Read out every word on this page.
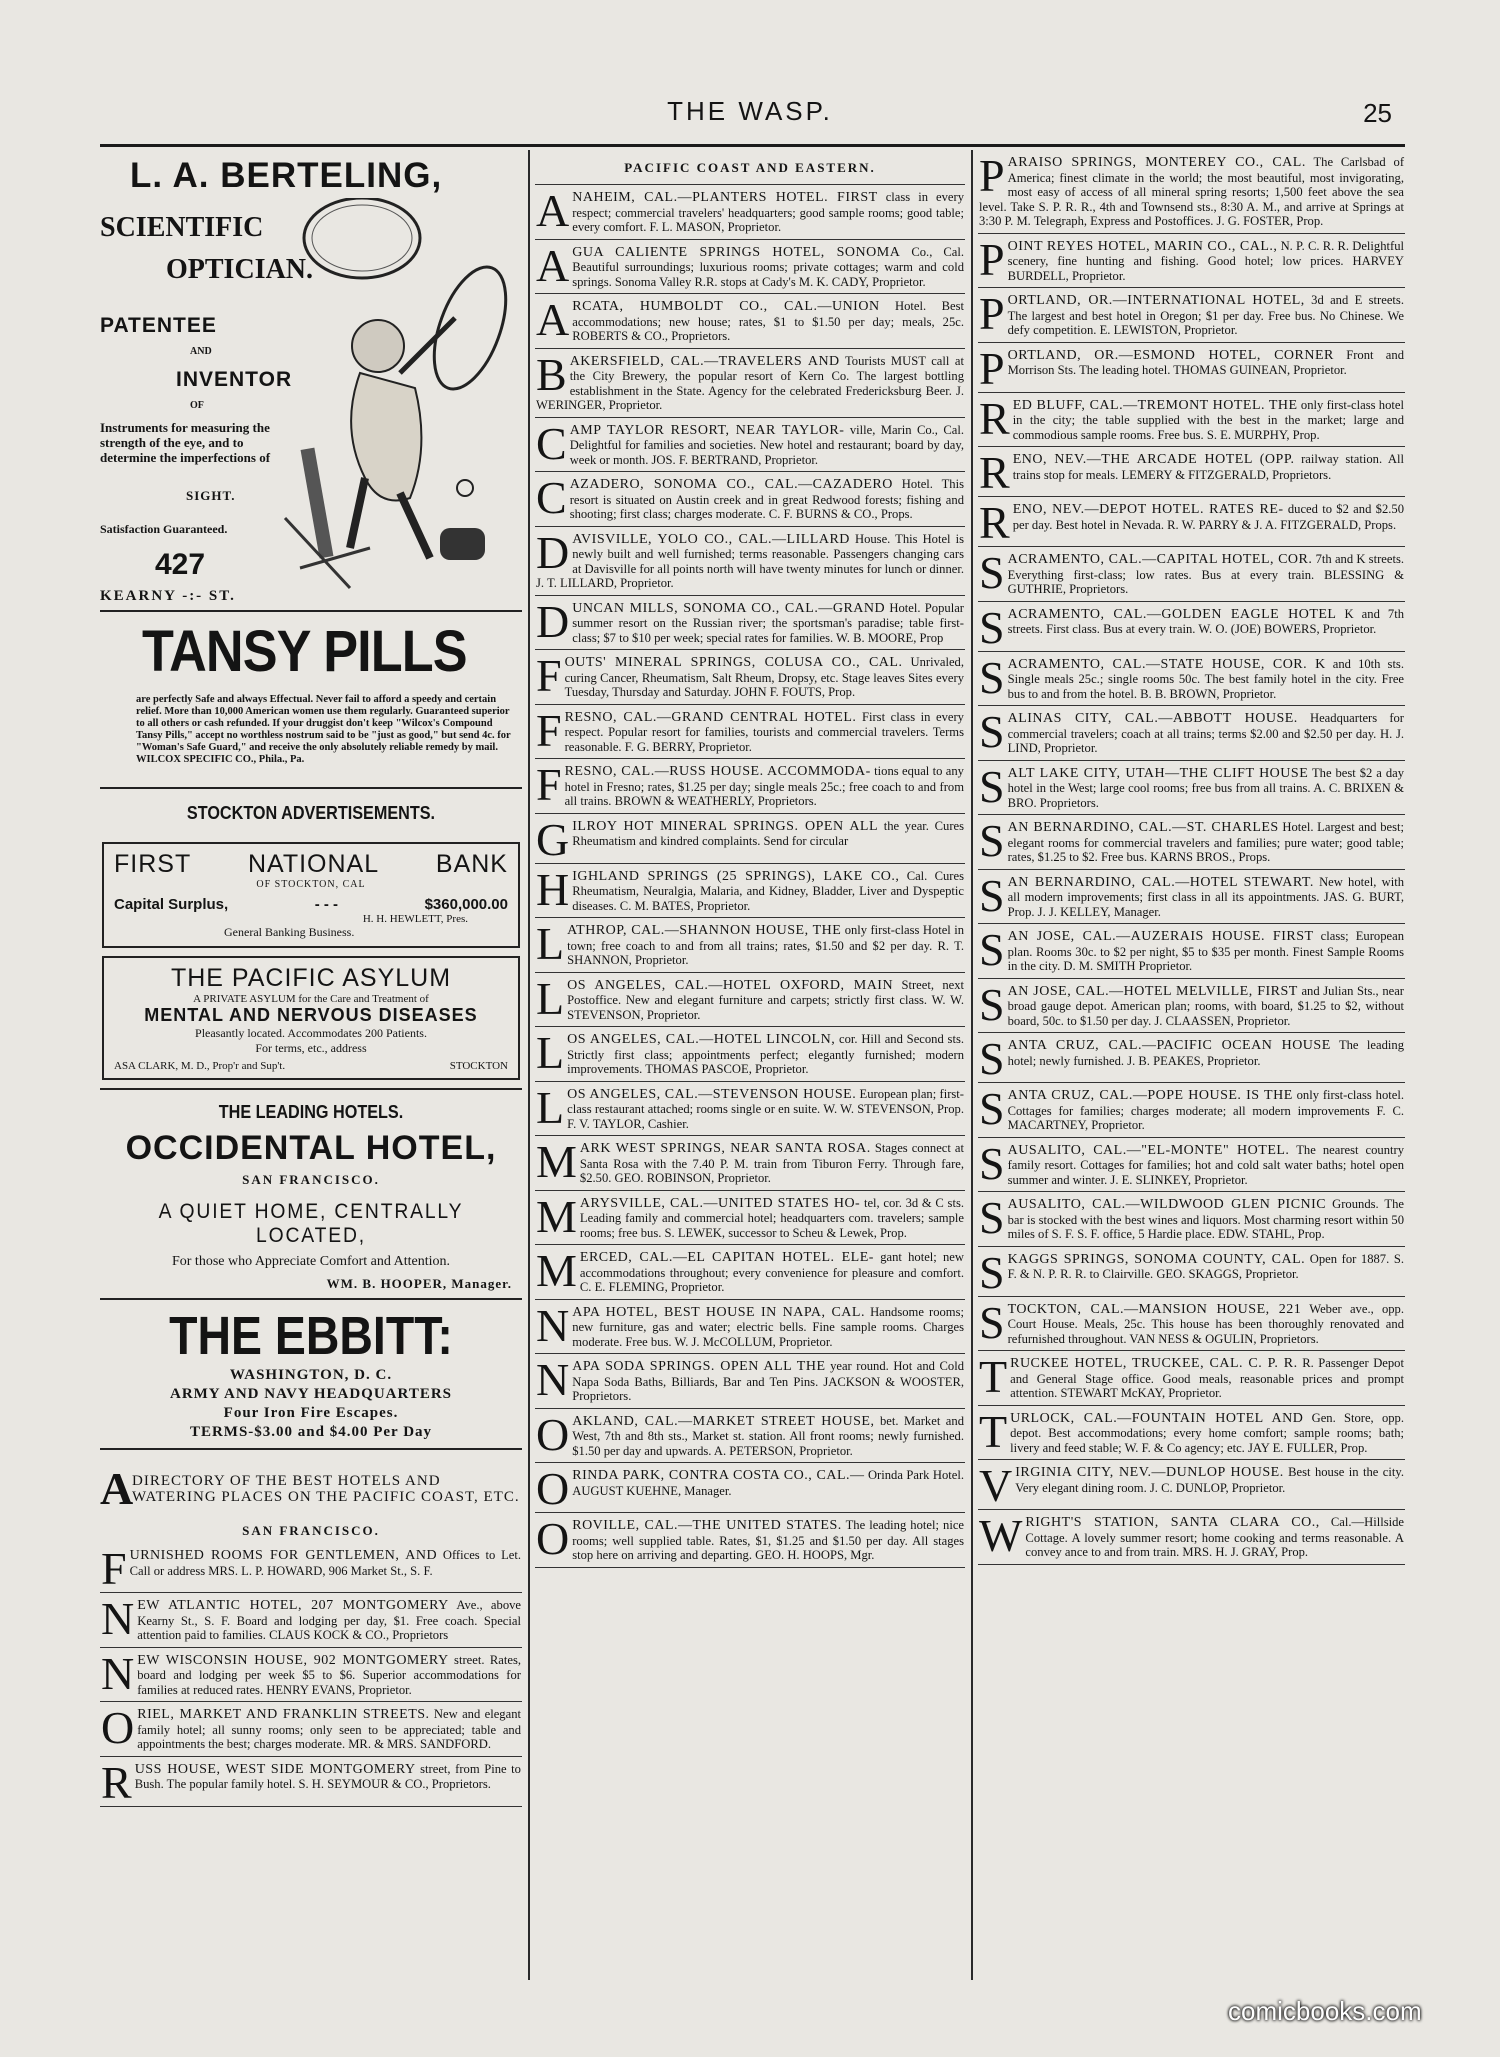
THE WASP.	25
L. A. BERTELING,
SCIENTIFIC
OPTICIAN.
PATENTEE
AND
INVENTOR
OF
Instruments for measuring the strength of the eye, and to determine the imperfections of
SIGHT.
Satisfaction Guaranteed.
427
KEARNY -:- ST.
TANSY PILLS
are perfectly Safe and always Effectual. Never fail to afford a speedy and certain relief. More than 10,000 American women use them regularly. Guaranteed superior to all others or cash refunded. If your druggist don't keep "Wilcox's Compound Tansy Pills," accept no worthless nostrum said to be "just as good," but send 4c. for "Woman's Safe Guard," and receive the only absolutely reliable remedy by mail. WILCOX SPECIFIC CO., Phila., Pa.
STOCKTON ADVERTISEMENTS.
FIRST NATIONAL BANK
OF STOCKTON, CAL
Capital Surplus,	- - -	$360,000.00
H. H. HEWLETT, Pres.
General Banking Business.
THE PACIFIC ASYLUM
A PRIVATE ASYLUM for the Care and Treatment of
MENTAL AND NERVOUS DISEASES
Pleasantly located. Accommodates 200 Patients.
For terms, etc., address
ASA CLARK, M. D., Prop'r and Sup't.	STOCKTON
THE LEADING HOTELS.
OCCIDENTAL HOTEL,
SAN FRANCISCO.
A QUIET HOME, CENTRALLY LOCATED,
For those who Appreciate Comfort and Attention.
WM. B. HOOPER, Manager.
THE EBBITT:
WASHINGTON, D. C.
ARMY AND NAVY HEADQUARTERS
Four Iron Fire Escapes.
TERMS-$3.00 and $4.00 Per Day
A
DIRECTORY OF THE BEST HOTELS AND WATERING PLACES ON THE PACIFIC COAST, ETC.
SAN FRANCISCO.
FURNISHED ROOMS FOR GENTLEMEN, AND Offices to Let. Call or address MRS. L. P. HOWARD, 906 Market St., S. F.
NEW ATLANTIC HOTEL, 207 MONTGOMERY Ave., above Kearny St., S. F. Board and lodging per day, $1. Free coach. Special attention paid to families. CLAUS KOCK & CO., Proprietors
NEW WISCONSIN HOUSE, 902 MONTGOMERY street. Rates, board and lodging per week $5 to $6. Superior accommodations for families at reduced rates. HENRY EVANS, Proprietor.
ORIEL, MARKET AND FRANKLIN STREETS. New and elegant family hotel; all sunny rooms; only seen to be appreciated; table and appointments the best; charges moderate. MR. & MRS. SANDFORD.
RUSS HOUSE, WEST SIDE MONTGOMERY street, from Pine to Bush. The popular family hotel. S. H. SEYMOUR & CO., Proprietors.
PACIFIC COAST AND EASTERN.
ANAHEIM, CAL.—PLANTERS HOTEL. FIRST class in every respect; commercial travelers' headquarters; good sample rooms; good table; every comfort. F. L. MASON, Proprietor.
AGUA CALIENTE SPRINGS HOTEL, SONOMA Co., Cal. Beautiful surroundings; luxurious rooms; private cottages; warm and cold springs. Sonoma Valley R.R. stops at Cady's M. K. CADY, Proprietor.
ARCATA, HUMBOLDT CO., CAL.—UNION Hotel. Best accommodations; new house; rates, $1 to $1.50 per day; meals, 25c. ROBERTS & CO., Proprietors.
BAKERSFIELD, CAL.—TRAVELERS AND Tourists MUST call at the City Brewery, the popular resort of Kern Co. The largest bottling establishment in the State. Agency for the celebrated Fredericksburg Beer. J. WERINGER, Proprietor.
CAMP TAYLOR RESORT, NEAR TAYLOR- ville, Marin Co., Cal. Delightful for families and societies. New hotel and restaurant; board by day, week or month. JOS. F. BERTRAND, Proprietor.
CAZADERO, SONOMA CO., CAL.—CAZADERO Hotel. This resort is situated on Austin creek and in great Redwood forests; fishing and shooting; first class; charges moderate. C. F. BURNS & CO., Props.
DAVISVILLE, YOLO CO., CAL.—LILLARD House. This Hotel is newly built and well furnished; terms reasonable. Passengers changing cars at Davisville for all points north will have twenty minutes for lunch or dinner. J. T. LILLARD, Proprietor.
DUNCAN MILLS, SONOMA CO., CAL.—GRAND Hotel. Popular summer resort on the Russian river; the sportsman's paradise; table first-class; $7 to $10 per week; special rates for families. W. B. MOORE, Prop
FOUTS' MINERAL SPRINGS, COLUSA CO., CAL. Unrivaled, curing Cancer, Rheumatism, Salt Rheum, Dropsy, etc. Stage leaves Sites every Tuesday, Thursday and Saturday. JOHN F. FOUTS, Prop.
FRESNO, CAL.—GRAND CENTRAL HOTEL. First class in every respect. Popular resort for families, tourists and commercial travelers. Terms reasonable. F. G. BERRY, Proprietor.
FRESNO, CAL.—RUSS HOUSE. ACCOMMODA- tions equal to any hotel in Fresno; rates, $1.25 per day; single meals 25c.; free coach to and from all trains. BROWN & WEATHERLY, Proprietors.
GILROY HOT MINERAL SPRINGS. OPEN ALL the year. Cures Rheumatism and kindred complaints. Send for circular
HIGHLAND SPRINGS (25 SPRINGS), LAKE CO., Cal. Cures Rheumatism, Neuralgia, Malaria, and Kidney, Bladder, Liver and Dyspeptic diseases. C. M. BATES, Proprietor.
LATHROP, CAL.—SHANNON HOUSE, THE only first-class Hotel in town; free coach to and from all trains; rates, $1.50 and $2 per day. R. T. SHANNON, Proprietor.
LOS ANGELES, CAL.—HOTEL OXFORD, MAIN Street, next Postoffice. New and elegant furniture and carpets; strictly first class. W. W. STEVENSON, Proprietor.
LOS ANGELES, CAL.—HOTEL LINCOLN, cor. Hill and Second sts. Strictly first class; appointments perfect; elegantly furnished; modern improvements. THOMAS PASCOE, Proprietor.
LOS ANGELES, CAL.—STEVENSON HOUSE. European plan; first-class restaurant attached; rooms single or en suite. W. W. STEVENSON, Prop. F. V. TAYLOR, Cashier.
MARK WEST SPRINGS, NEAR SANTA ROSA. Stages connect at Santa Rosa with the 7.40 P. M. train from Tiburon Ferry. Through fare, $2.50. GEO. ROBINSON, Proprietor.
MARYSVILLE, CAL.—UNITED STATES HO- tel, cor. 3d & C sts. Leading family and commercial hotel; headquarters com. travelers; sample rooms; free bus. S. LEWEK, successor to Scheu & Lewek, Prop.
MERCED, CAL.—EL CAPITAN HOTEL. ELE- gant hotel; new accommodations throughout; every convenience for pleasure and comfort. C. E. FLEMING, Proprietor.
NAPA HOTEL, BEST HOUSE IN NAPA, CAL. Handsome rooms; new furniture, gas and water; electric bells. Fine sample rooms. Charges moderate. Free bus. W. J. McCOLLUM, Proprietor.
NAPA SODA SPRINGS. OPEN ALL THE year round. Hot and Cold Napa Soda Baths, Billiards, Bar and Ten Pins. JACKSON & WOOSTER, Proprietors.
OAKLAND, CAL.—MARKET STREET HOUSE, bet. Market and West, 7th and 8th sts., Market st. station. All front rooms; newly furnished. $1.50 per day and upwards. A. PETERSON, Proprietor.
ORINDA PARK, CONTRA COSTA CO., CAL.— Orinda Park Hotel. AUGUST KUEHNE, Manager.
OROVILLE, CAL.—THE UNITED STATES. The leading hotel; nice rooms; well supplied table. Rates, $1, $1.25 and $1.50 per day. All stages stop here on arriving and departing. GEO. H. HOOPS, Mgr.
PARAISO SPRINGS, MONTEREY CO., CAL. The Carlsbad of America; finest climate in the world; the most beautiful, most invigorating, most easy of access of all mineral spring resorts; 1,500 feet above the sea level. Take S. P. R. R., 4th and Townsend sts., 8:30 A. M., and arrive at Springs at 3:30 P. M. Telegraph, Express and Postoffices. J. G. FOSTER, Prop.
POINT REYES HOTEL, MARIN CO., CAL., N. P. C. R. R. Delightful scenery, fine hunting and fishing. Good hotel; low prices. HARVEY BURDELL, Proprietor.
PORTLAND, OR.—INTERNATIONAL HOTEL, 3d and E streets. The largest and best hotel in Oregon; $1 per day. Free bus. No Chinese. We defy competition. E. LEWISTON, Proprietor.
PORTLAND, OR.—ESMOND HOTEL, CORNER Front and Morrison Sts. The leading hotel. THOMAS GUINEAN, Proprietor.
RED BLUFF, CAL.—TREMONT HOTEL. THE only first-class hotel in the city; the table supplied with the best in the market; large and commodious sample rooms. Free bus. S. E. MURPHY, Prop.
RENO, NEV.—THE ARCADE HOTEL (OPP. railway station. All trains stop for meals. LEMERY & FITZGERALD, Proprietors.
RENO, NEV.—DEPOT HOTEL. RATES RE- duced to $2 and $2.50 per day. Best hotel in Nevada. R. W. PARRY & J. A. FITZGERALD, Props.
SACRAMENTO, CAL.—CAPITAL HOTEL, COR. 7th and K streets. Everything first-class; low rates. Bus at every train. BLESSING & GUTHRIE, Proprietors.
SACRAMENTO, CAL.—GOLDEN EAGLE HOTEL K and 7th streets. First class. Bus at every train. W. O. (JOE) BOWERS, Proprietor.
SACRAMENTO, CAL.—STATE HOUSE, COR. K and 10th sts. Single meals 25c.; single rooms 50c. The best family hotel in the city. Free bus to and from the hotel. B. B. BROWN, Proprietor.
SALINAS CITY, CAL.—ABBOTT HOUSE. Headquarters for commercial travelers; coach at all trains; terms $2.00 and $2.50 per day. H. J. LIND, Proprietor.
SALT LAKE CITY, UTAH—THE CLIFT HOUSE The best $2 a day hotel in the West; large cool rooms; free bus from all trains. A. C. BRIXEN & BRO. Proprietors.
SAN BERNARDINO, CAL.—ST. CHARLES Hotel. Largest and best; elegant rooms for commercial travelers and families; pure water; good table; rates, $1.25 to $2. Free bus. KARNS BROS., Props.
SAN BERNARDINO, CAL.—HOTEL STEWART. New hotel, with all modern improvements; first class in all its appointments. JAS. G. BURT, Prop. J. J. KELLEY, Manager.
SAN JOSE, CAL.—AUZERAIS HOUSE. FIRST class; European plan. Rooms 30c. to $2 per night, $5 to $35 per month. Finest Sample Rooms in the city. D. M. SMITH Proprietor.
SAN JOSE, CAL.—HOTEL MELVILLE, FIRST and Julian Sts., near broad gauge depot. American plan; rooms, with board, $1.25 to $2, without board, 50c. to $1.50 per day. J. CLAASSEN, Proprietor.
SANTA CRUZ, CAL.—PACIFIC OCEAN HOUSE The leading hotel; newly furnished. J. B. PEAKES, Proprietor.
SANTA CRUZ, CAL.—POPE HOUSE. IS THE only first-class hotel. Cottages for families; charges moderate; all modern improvements F. C. MACARTNEY, Proprietor.
SAUSALITO, CAL.—"EL-MONTE" HOTEL. The nearest country family resort. Cottages for families; hot and cold salt water baths; hotel open summer and winter. J. E. SLINKEY, Proprietor.
SAUSALITO, CAL.—WILDWOOD GLEN PICNIC Grounds. The bar is stocked with the best wines and liquors. Most charming resort within 50 miles of S. F. S. F. office, 5 Hardie place. EDW. STAHL, Prop.
SKAGGS SPRINGS, SONOMA COUNTY, CAL. Open for 1887. S. F. & N. P. R. R. to Clairville. GEO. SKAGGS, Proprietor.
STOCKTON, CAL.—MANSION HOUSE, 221 Weber ave., opp. Court House. Meals, 25c. This house has been thoroughly renovated and refurnished throughout. VAN NESS & OGULIN, Proprietors.
TRUCKEE HOTEL, TRUCKEE, CAL. C. P. R. R. Passenger Depot and General Stage office. Good meals, reasonable prices and prompt attention. STEWART McKAY, Proprietor.
TURLOCK, CAL.—FOUNTAIN HOTEL AND Gen. Store, opp. depot. Best accommodations; every home comfort; sample rooms; bath; livery and feed stable; W. F. & Co agency; etc. JAY E. FULLER, Prop.
VIRGINIA CITY, NEV.—DUNLOP HOUSE. Best house in the city. Very elegant dining room. J. C. DUNLOP, Proprietor.
WRIGHT'S STATION, SANTA CLARA CO., Cal.—Hillside Cottage. A lovely summer resort; home cooking and terms reasonable. A convey ance to and from train. MRS. H. J. GRAY, Prop.
comicbooks.com
